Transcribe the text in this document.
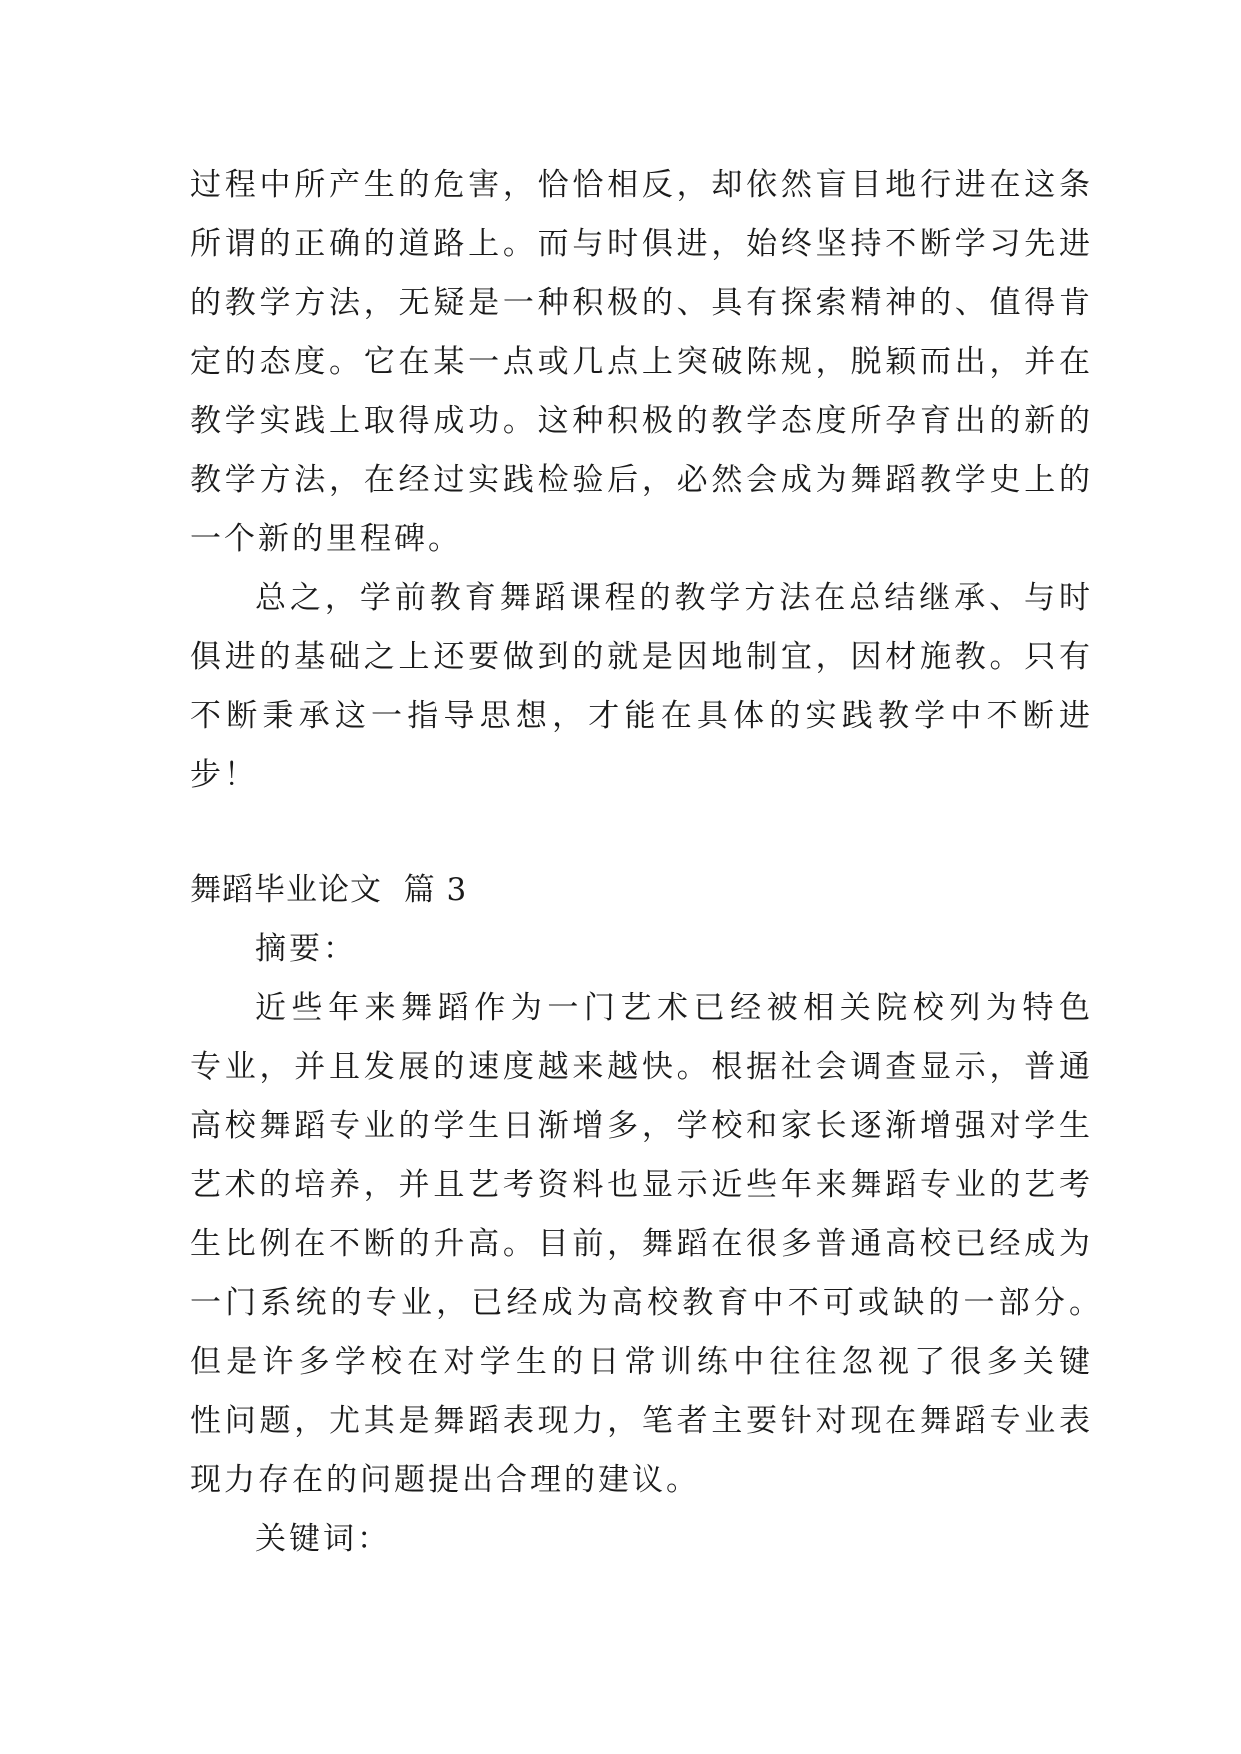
过程中所产生的危害，恰恰相反，却依然盲目地行进在这条
所谓的正确的道路上。而与时俱进，始终坚持不断学习先进
的教学方法，无疑是一种积极的、具有探索精神的、值得肯
定的态度。它在某一点或几点上突破陈规，脱颖而出，并在
教学实践上取得成功。这种积极的教学态度所孕育出的新的
教学方法，在经过实践检验后，必然会成为舞蹈教学史上的
一个新的里程碑。
总之，学前教育舞蹈课程的教学方法在总结继承、与时
俱进的基础之上还要做到的就是因地制宜，因材施教。只有
不断秉承这一指导思想，才能在具体的实践教学中不断进
步！
舞蹈毕业论文  篇 3
摘要：
近些年来舞蹈作为一门艺术已经被相关院校列为特色
专业，并且发展的速度越来越快。根据社会调查显示，普通
高校舞蹈专业的学生日渐增多，学校和家长逐渐增强对学生
艺术的培养，并且艺考资料也显示近些年来舞蹈专业的艺考
生比例在不断的升高。目前，舞蹈在很多普通高校已经成为
一门系统的专业，已经成为高校教育中不可或缺的一部分。
但是许多学校在对学生的日常训练中往往忽视了很多关键
性问题，尤其是舞蹈表现力，笔者主要针对现在舞蹈专业表
现力存在的问题提出合理的建议。
关键词：
